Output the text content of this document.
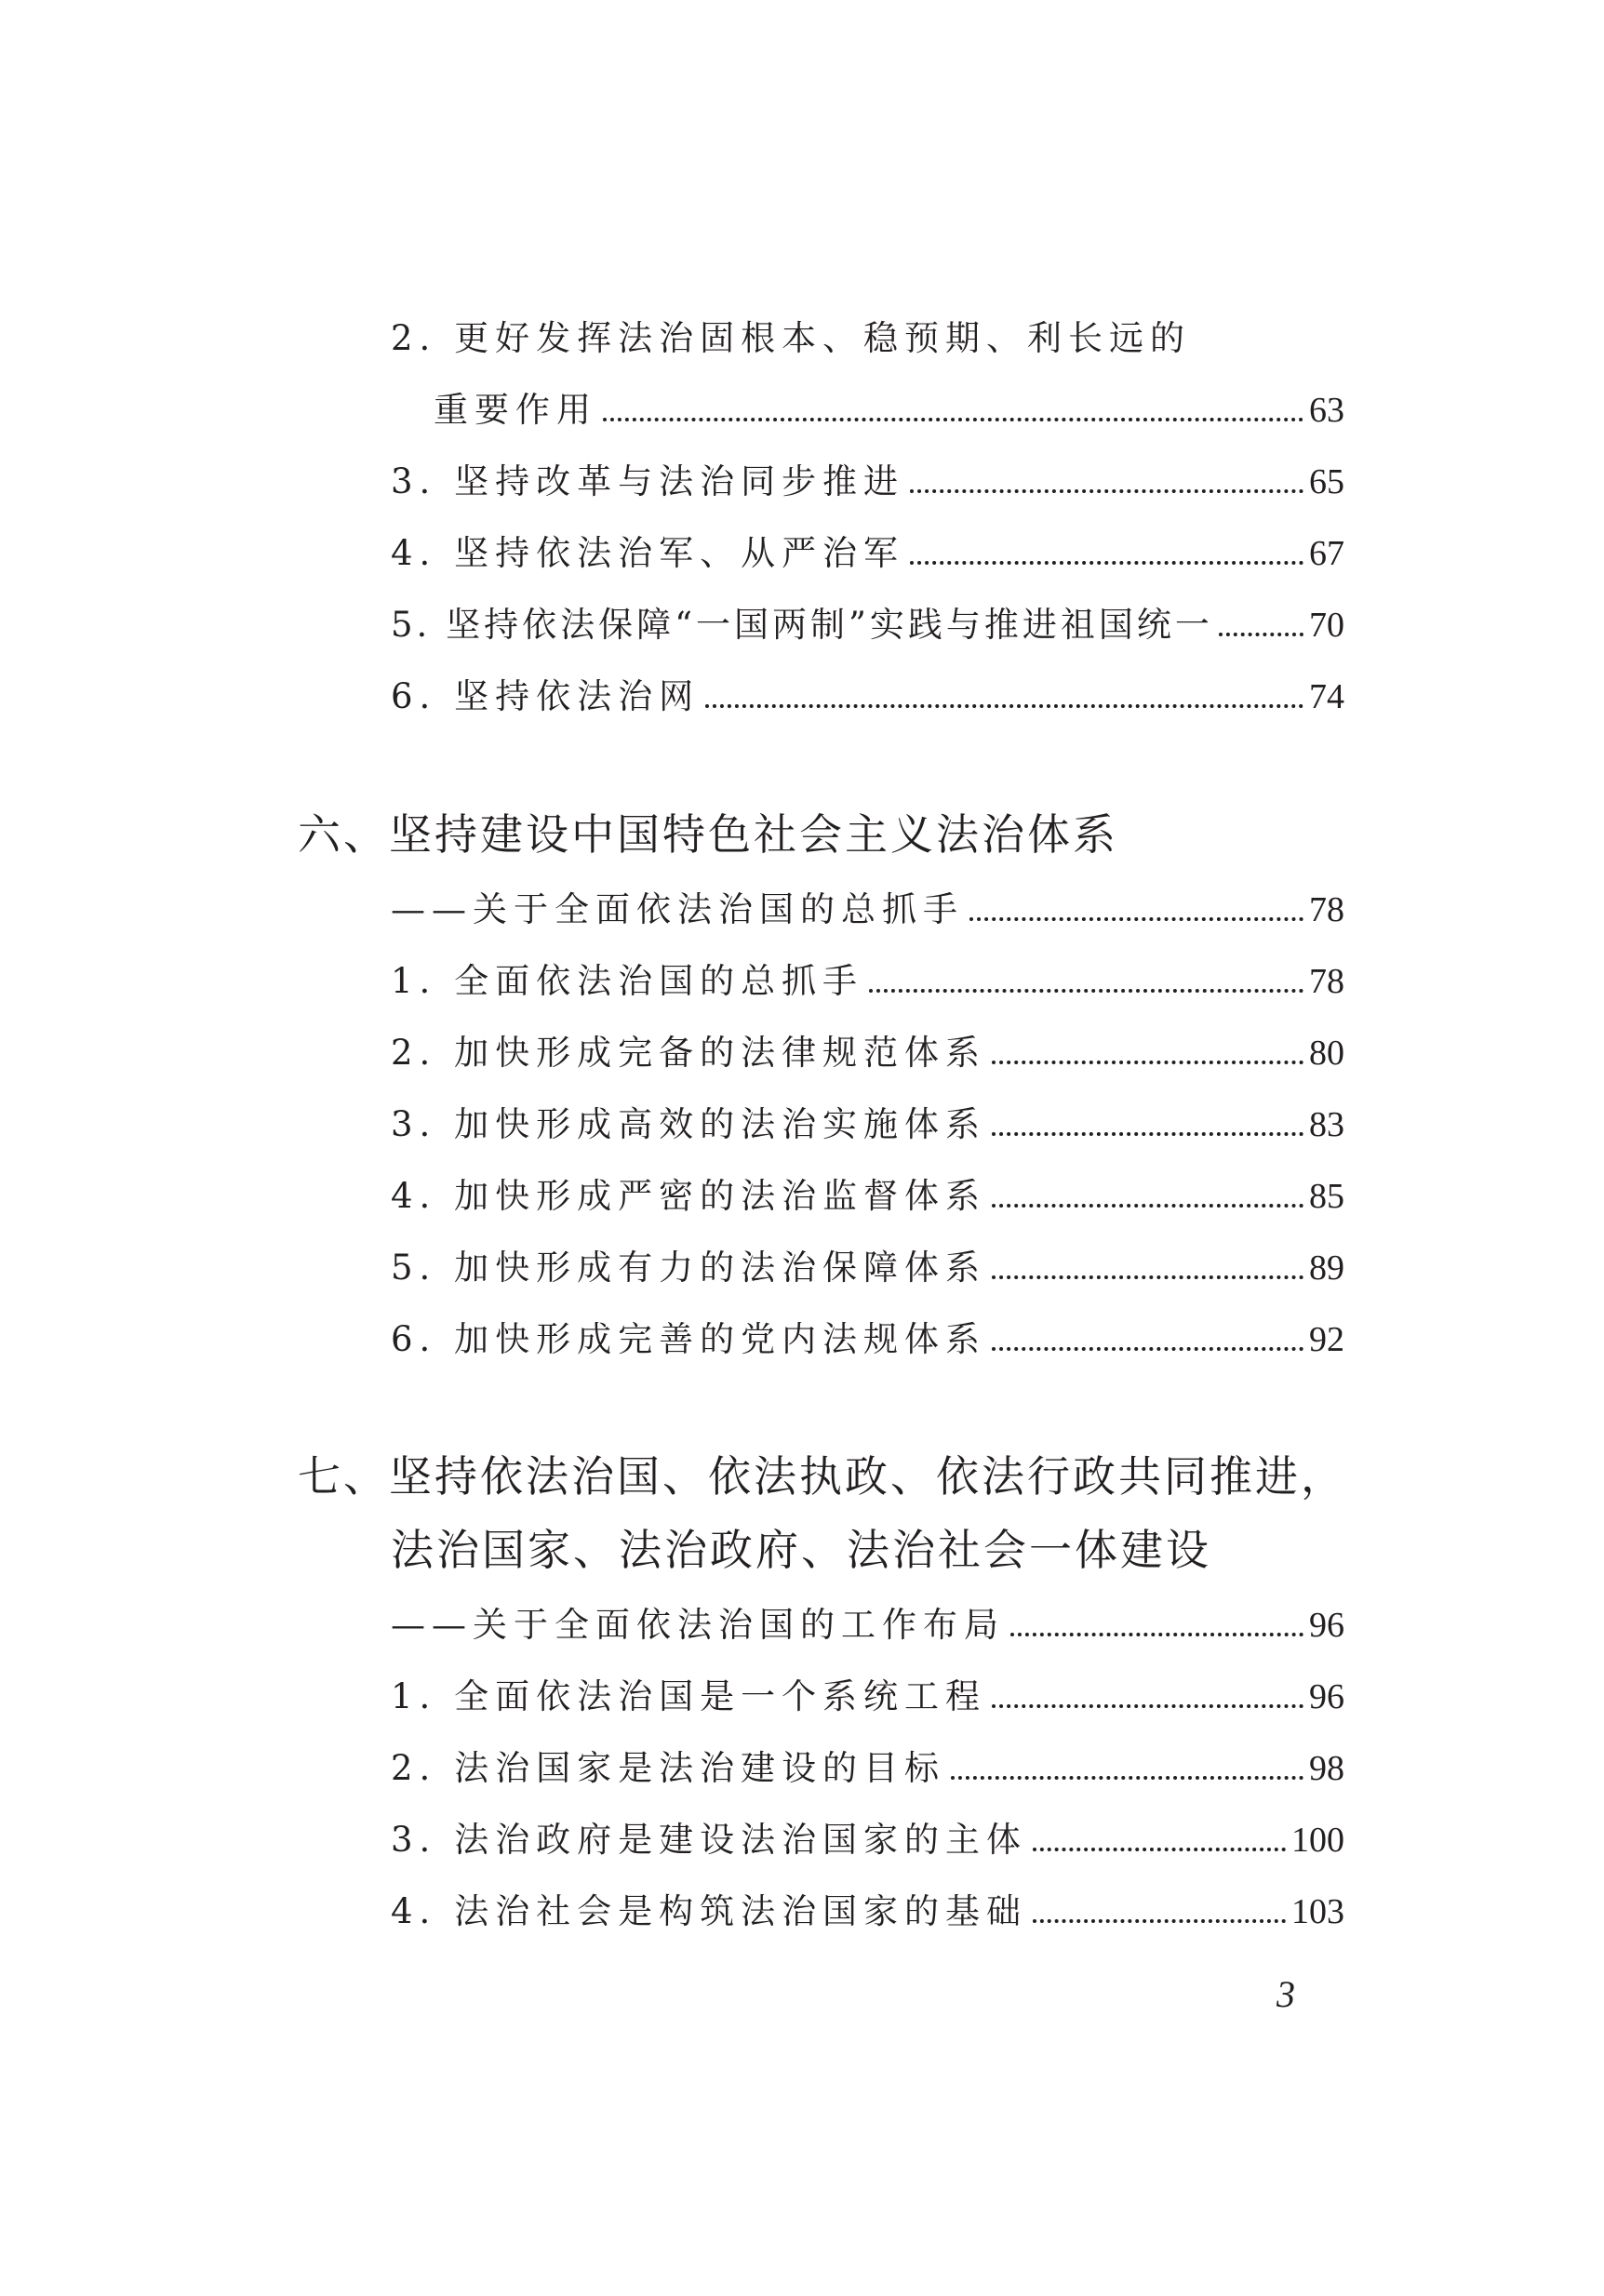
2. 更好发挥法治固根本、稳预期、利长远的
重要作用	63
3. 坚持改革与法治同步推进	65
4. 坚持依法治军、从严治军	67
5. 坚持依法保障“一国两制”实践与推进祖国统一	70
6. 坚持依法治网	74
六、坚持建设中国特色社会主义法治体系
——关于全面依法治国的总抓手	78
1. 全面依法治国的总抓手	78
2. 加快形成完备的法律规范体系	80
3. 加快形成高效的法治实施体系	83
4. 加快形成严密的法治监督体系	85
5. 加快形成有力的法治保障体系	89
6. 加快形成完善的党内法规体系	92
七、坚持依法治国、依法执政、依法行政共同推进，
法治国家、法治政府、法治社会一体建设
——关于全面依法治国的工作布局	96
1. 全面依法治国是一个系统工程	96
2. 法治国家是法治建设的目标	98
3. 法治政府是建设法治国家的主体	100
4. 法治社会是构筑法治国家的基础	103
3
